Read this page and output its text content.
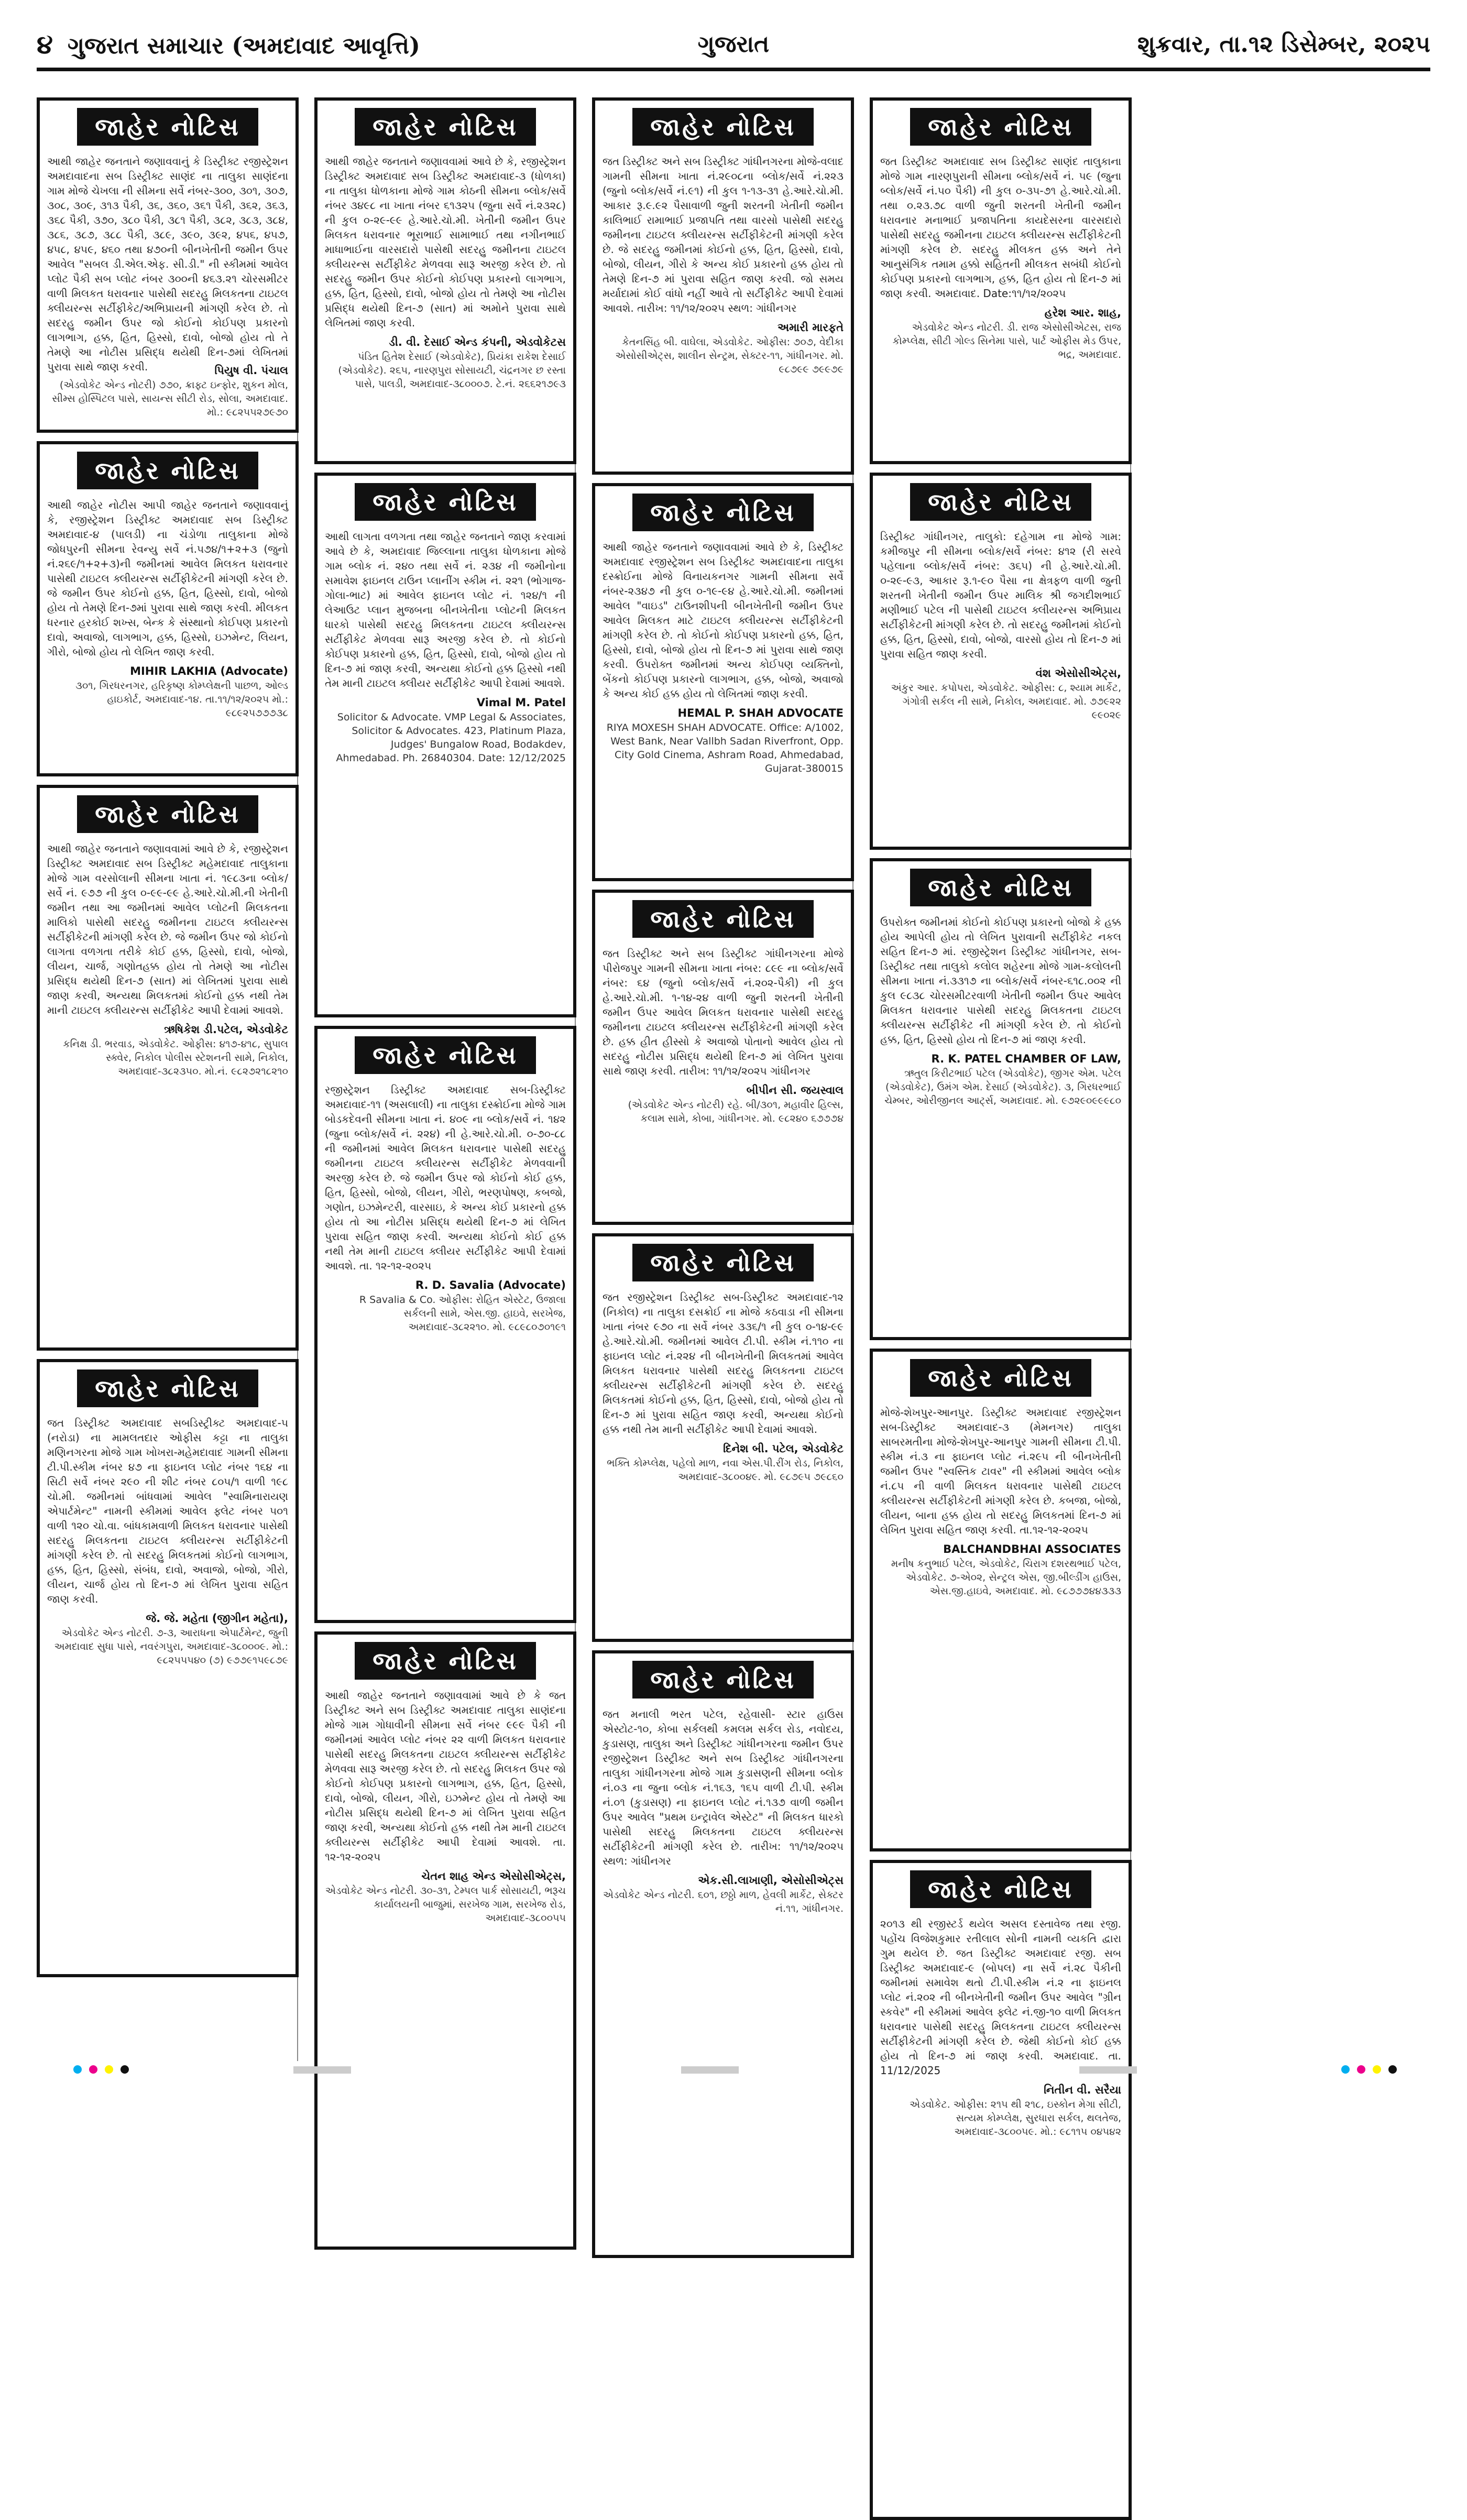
૪ ગુજરાત સમાચાર (અમદાવાદ આવૃત્તિ)	ગુજરાત	શુક્રવાર, તા.૧૨ ડિસેમ્બર, ૨૦૨૫
જાહેર નોટિસ
આથી જાહેર જનતાને જણાવવાનું કે ડિસ્ટ્રીક્ટ રજીસ્ટ્રેશન અમદાવાદના સબ ડિસ્ટ્રીક્ટ સાણંદ ના તાલુકા સાણંદના ગામ મોજે ચેખલા ની સીમના સર્વે નંબર-૩૦૦, ૩૦૧, ૩૦૭, ૩૦૮, ૩૦૯, ૩૧૩ પૈકી, ૩૬, ૩૬૦, ૩૬૧ પૈકી, ૩૬૨, ૩૬૩, ૩૬૮ પૈકી, ૩૭૦, ૩૮૦ પૈકી, ૩૮૧ પૈકી, ૩૮૨, ૩૮૩, ૩૮૪, ૩૮૬, ૩૮૭, ૩૮૮ પૈકી, ૩૮૯, ૩૯૦, ૩૯૨, ૪૫૬, ૪૫૭, ૪૫૮, ૪૫૯, ૪૬૦ તથા ૪૭૦ની બીનખેતીની જમીન ઉપર આવેલ "સબલ ડી.એલ.એફ. સી.ડી." ની સ્કીમમાં આવેલ પ્લોટ પૈકી સબ પ્લોટ નંબર ૩૦૦ની ૪૬૩.૨૧ ચોરસમીટર વાળી મિલકત ધરાવનાર પાસેથી સદરહુ મિલકતના ટાઇટલ ક્લીયરન્સ સર્ટીફીકેટ/અભિપ્રાયની માંગણી કરેલ છે. તો સદરહુ જમીન ઉપર જો કોઈનો કોઈપણ પ્રકારનો લાગભાગ, હક્ક, હિત, હિસ્સો, દાવો, બોજો હોય તો તે તેમણે આ નોટીસ પ્રસિદ્ધ થયેથી દિન-૭માં લેખિતમાં પુરાવા સાથે જાણ કરવી.	પિયુષ વી. પંચાલ
(એડવોકેટ એન્ડ નોટરી) ૭૭૦, ક્રાફ્ટ ઇન્ફોર, શુકન મોલ, સીમ્સ હોસ્પિટલ પાસે, સાયન્સ સીટી રોડ, સોલા, અમદાવાદ. મો.: ૯૮૨૫૫૨૭૯૭૦
જાહેર નોટિસ
આથી જાહેર નોટીસ આપી જાહેર જનતાને જણાવવાનું કે, રજીસ્ટ્રેશન ડિસ્ટ્રીક્ટ અમદાવાદ સબ ડિસ્ટ્રીક્ટ અમદાવાદ-૪ (પાલડી) ના ચંડોળા તાલુકાના મોજે જોધપુરની સીમના રેવન્યુ સર્વે નં.૫૭૪/૧+૨+૩ (જુનો નં.૨૬૯/૧+૨+૩)ની જમીનમાં આવેલ મિલકત ધરાવનાર પાસેથી ટાઇટલ ક્લીયરન્સ સર્ટીફીકેટની માંગણી કરેલ છે. જે જમીન ઉપર કોઈનો હક્ક, હિત, હિસ્સો, દાવો, બોજો હોય તો તેમણે દિન-૭માં પુરાવા સાથે જાણ કરવી. મીલકત ધરનાર હરકોઈ શખ્સ, બેન્ક કે સંસ્થાનો કોઈપણ પ્રકારનો દાવો, અવાજો, લાગભાગ, હક્ક, હિસ્સો, ઇઝમેન્ટ, લિયન, ગીરો, બોજો હોય તો લેખિત જાણ કરવી.
MIHIR LAKHIA (Advocate)
૩૦૧, ગિરધરનગર, હરિકૃષ્ણ કોમ્પ્લેક્ષની પાછળ, ઓલ્ડ હાઇકોર્ટ, અમદાવાદ-૧૪. તા.૧૧/૧૨/૨૦૨૫ મો.: ૯૮૯૨૫૭૭૭૩૮
જાહેર નોટિસ
આથી જાહેર જનતાને જણાવવામાં આવે છે કે, રજીસ્ટ્રેશન ડિસ્ટ્રીક્ટ અમદાવાદ સબ ડિસ્ટ્રીક્ટ મહેમદાવાદ તાલુકાના મોજે ગામ વરસોલાની સીમના ખાતા નં. ૧૯૮૩ના બ્લોક/સર્વે નં. ૯૭૭ ની કુલ ૦-૯૯-૯૯ હે.આરે.ચો.મી.ની ખેતીની જમીન તથા આ જમીનમાં આવેલ પ્લોટની મિલકતના માલિકો પાસેથી સદરહુ જમીનના ટાઇટલ ક્લીયરન્સ સર્ટીફીકેટની માંગણી કરેલ છે. જે જમીન ઉપર જો કોઈનો લાગતા વળગતા તરીકે કોઈ હક્ક, હિસ્સો, દાવો, બોજો, લીયન, ચાર્જ, ગણોતહક્ક હોય તો તેમણે આ નોટીસ પ્રસિદ્ધ થયેથી દિન-૭ (સાત) માં લેખિતમાં પુરાવા સાથે જાણ કરવી, અન્યથા મિલકતમાં કોઈનો હક્ક નથી તેમ માની ટાઇટલ ક્લીયરન્સ સર્ટીફીકેટ આપી દેવામાં આવશે.
ઋષિકેશ ડી.પટેલ, એડવોકેટ
કનિક્ષ ડી. ભરવાડ, એડવોકેટ. ઓફીસ: ૪૧૭-૪૧૮, સુપાલ સ્ક્વેર, નિકોલ પોલીસ સ્ટેશનની સામે, નિકોલ, અમદાવાદ-૩૮૨૩૫૦. મો.નં. ૯૮૨૭૨૧૮૨૧૦
જાહેર નોટિસ
જત ડિસ્ટ્રીક્ટ અમદાવાદ સબડિસ્ટ્રીક્ટ અમદાવાદ-૫ (નરોડા) ના મામલતદાર ઓફીસ કટ્ટા ના તાલુકા મણિનગરના મોજે ગામ ખોખરા-મહેમદાવાદ ગામની સીમના ટી.પી.સ્કીમ નંબર ૪૭ ના ફાઇનલ પ્લોટ નંબર ૧૬૪ ના સિટી સર્વે નંબર ૨૯૦ ની શીટ નંબર ૮૦૫/૧ વાળી ૧૯૮ ચો.મી. જમીનમાં બાંધવામાં આવેલ "સ્વામિનારાયણ એપાર્ટમેન્ટ" નામની સ્કીમમાં આવેલ ફ્લેટ નંબર ૫૦૧ વાળી ૧૨૦ ચો.વા. બાંધકામવાળી મિલકત ધરાવનાર પાસેથી સદરહુ મિલકતના ટાઇટલ ક્લીયરન્સ સર્ટીફીકેટની માંગણી કરેલ છે. તો સદરહુ મિલકતમાં કોઈનો લાગભાગ, હક્ક, હિત, હિસ્સો, સંબંધ, દાવો, અવાજો, બોજો, ગીરો, લીયન, ચાર્જ હોય તો દિન-૭ માં લેખિત પુરાવા સહિત જાણ કરવી.
જે. જે. મહેતા (જીગીન મહેતા),
એડવોકેટ એન્ડ નોટરી. ૭-૩, આરાધના એપાર્ટમેન્ટ, જુની અમદાવાદ સુધા પાસે, નવરંગપુરા, અમદાવાદ-૩૮૦૦૦૯. મો.: ૯૮૨૫૫૫૪૦ (૭) ૯૭૭૯૧૫૯૮૭૯
જાહેર નોટિસ
આથી જાહેર જનતાને જણાવવામાં આવે છે કે, રજીસ્ટ્રેશન ડિસ્ટ્રીક્ટ અમદાવાદ સબ ડિસ્ટ્રીક્ટ અમદાવાદ-૩ (ધોળકા) ના તાલુકા ધોળકાના મોજે ગામ કોઠની સીમના બ્લોક/સર્વે નંબર ૩૪૯૮ ના ખાતા નંબર ૬૧૩૨૫ (જુના સર્વે નં.૨૩૨૮) ની કુલ ૦-૨૯-૯૯ હે.આરે.ચો.મી. ખેતીની જમીન ઉપર મિલકત ધરાવનાર ભૂરાભાઈ સામાભાઈ તથા નગીનભાઈ માધાભાઈના વારસદારો પાસેથી સદરહુ જમીનના ટાઇટલ ક્લીયરન્સ સર્ટીફીકેટ મેળવવા સારૂ અરજી કરેલ છે. તો સદરહુ જમીન ઉપર કોઈનો કોઈપણ પ્રકારનો લાગભાગ, હક્ક, હિત, હિસ્સો, દાવો, બોજો હોય તો તેમણે આ નોટીસ પ્રસિદ્ધ થયેથી દિન-૭ (સાત) માં અમોને પુરાવા સાથે લેખિતમાં જાણ કરવી.
ડી. વી. દેસાઈ એન્ડ કંપની, એડવોકેટસ
પંડિત હિતેશ દેસાઈ (એડવોકેટ), પ્રિયંકા રાકેશ દેસાઈ (એડવોકેટ). ૨૬૫, નારણપુરા સોસાયટી, ચંદ્રનગર છ રસ્તા પાસે, પાલડી, અમદાવાદ-૩૮૦૦૦૭. ટે.નં. ૨૬૬૨૧૭૯૩
જાહેર નોટિસ
આથી લાગતા વળગતા તથા જાહેર જનતાને જાણ કરવામાં આવે છે કે, અમદાવાદ જિલ્લાના તાલુકા ધોળકાના મોજે ગામ બ્લોક નં. ૨૪૦ તથા સર્વે નં. ૨૩૪ ની જમીનોના સમાવેશ ફાઇનલ ટાઉન પ્લાનીંગ સ્કીમ નં. ૨૨૧ (ભોગાજ-ગોલા-ભાટ) માં આવેલ ફાઇનલ પ્લોટ નં. ૧૨૪/૧ ની લેઆઉટ પ્લાન મુજબના બીનખેતીના પ્લોટની મિલકત ધારકો પાસેથી સદરહુ મિલકતના ટાઇટલ ક્લીયરન્સ સર્ટીફીકેટ મેળવવા સારૂ અરજી કરેલ છે. તો કોઈનો કોઈપણ પ્રકારનો હક્ક, હિત, હિસ્સો, દાવો, બોજો હોય તો દિન-૭ માં જાણ કરવી, અન્યથા કોઈનો હક્ક હિસ્સો નથી તેમ માની ટાઇટલ ક્લીયર સર્ટીફીકેટ આપી દેવામાં આવશે.
Vimal M. Patel
Solicitor & Advocate. VMP Legal & Associates, Solicitor & Advocates. 423, Platinum Plaza, Judges' Bungalow Road, Bodakdev, Ahmedabad. Ph. 26840304. Date: 12/12/2025
જાહેર નોટિસ
રજીસ્ટ્રેશન ડિસ્ટ્રીક્ટ અમદાવાદ સબ-ડિસ્ટ્રીક્ટ અમદાવાદ-૧૧ (અસલાલી) ના તાલુકા દસ્ક્રોઈના મોજે ગામ બોડકદેવની સીમના ખાતા નં. ૪૦૯ ના બ્લોક/સર્વે નં. ૧૪૨ (જુના બ્લોક/સર્વે નં. ૨૨૪) ની હે.આરે.ચો.મી. ૦-૭૦-૮૮ ની જમીનમાં આવેલ મિલકત ધરાવનાર પાસેથી સદરહુ જમીનના ટાઇટલ ક્લીયરન્સ સર્ટીફીકેટ મેળવવાની અરજી કરેલ છે. જે જમીન ઉપર જો કોઈનો કોઈ હક્ક, હિત, હિસ્સો, બોજો, લીયન, ગીરો, ભરણપોષણ, કબજો, ગણોત, ઇઝમેન્ટરી, વારસાઇ, કે અન્ય કોઈ પ્રકારનો હક્ક હોય તો આ નોટીસ પ્રસિદ્ધ થયેથી દિન-૭ માં લેખિત પુરાવા સહિત જાણ કરવી. અન્યથા કોઈનો કોઈ હક્ક નથી તેમ માની ટાઇટલ ક્લીયર સર્ટીફીકેટ આપી દેવામાં આવશે. તા. ૧૨-૧૨-૨૦૨૫
R. D. Savalia (Advocate)
R Savalia & Co. ઓફીસ: રોહિત એસ્ટેટ, ઉજાલા સર્કલની સામે, એસ.જી. હાઇવે, સરખેજ, અમદાવાદ-૩૮૨૨૧૦. મો. ૯૮૯૮૦૭૦૧૯૧
જાહેર નોટિસ
આથી જાહેર જનતાને જણાવવામાં આવે છે કે જત ડિસ્ટ્રીક્ટ અને સબ ડિસ્ટ્રીક્ટ અમદાવાદ તાલુકા સાણંદના મોજે ગામ ગોધાવીની સીમના સર્વે નંબર ૯૯૯ પૈકી ની જમીનમાં આવેલ પ્લોટ નંબર ૨૨ વાળી મિલકત ધરાવનાર પાસેથી સદરહુ મિલકતના ટાઇટલ ક્લીયરન્સ સર્ટીફીકેટ મેળવવા સારૂ અરજી કરેલ છે. તો સદરહુ મિલકત ઉપર જો કોઈનો કોઈપણ પ્રકારનો લાગભાગ, હક્ક, હિત, હિસ્સો, દાવો, બોજો, લીયન, ગીરો, ઇઝમેન્ટ હોય તો તેમણે આ નોટીસ પ્રસિદ્ધ થયેથી દિન-૭ માં લેખિત પુરાવા સહિત જાણ કરવી, અન્યથા કોઈનો હક્ક નથી તેમ માની ટાઇટલ ક્લીયરન્સ સર્ટીફીકેટ આપી દેવામાં આવશે. તા. ૧૨-૧૨-૨૦૨૫
ચેતન શાહ એન્ડ એસોસીએટ્સ,
એડવોકેટ એન્ડ નોટરી. ૩૦-૩૧, ટેમ્પલ પાર્ક સોસાયટી, ભરૂચ કાર્યાલયની બાજુમાં, સરખેજ ગામ, સરખેજ રોડ, અમદાવાદ-૩૮૦૦૫૫
જાહેર નોટિસ
જત ડિસ્ટ્રીક્ટ અને સબ ડિસ્ટ્રીક્ટ ગાંધીનગરના મોજે-વલાદ ગામની સીમના ખાતા નં.૨૯૦૮ના બ્લોક/સર્વે નં.૨૨૩ (જુનો બ્લોક/સર્વે નં.૯૧) ની કુલ ૧-૧૩-૩૧ હે.આરે.ચો.મી. આકાર રૂ.૯.૯૨ પૈસાવાળી જુની શરતની ખેતીની જમીન કાલિભાઈ રામાભાઈ પ્રજાપતિ તથા વારસો પાસેથી સદરહુ જમીનના ટાઇટલ ક્લીયરન્સ સર્ટીફીકેટની માંગણી કરેલ છે. જે સદરહુ જમીનમાં કોઈનો હક્ક, હિત, હિસ્સો, દાવો, બોજો, લીયન, ગીરો કે અન્ય કોઈ પ્રકારનો હક્ક હોય તો તેમણે દિન-૭ માં પુરાવા સહિત જાણ કરવી. જો સમય મર્યાદામાં કોઈ વાંધો નહીં આવે તો સર્ટીફીકેટ આપી દેવામાં આવશે. તારીખ: ૧૧/૧૨/૨૦૨૫ સ્થળ: ગાંધીનગર
અમારી મારફતે
કેતનસિંહ બી. વાઘેલા, એડવોકેટ. ઓફીસ: ૭૦૭, વેદીકા એસોસીએટ્સ, શાલીન સેન્ટ્રમ, સેક્ટર-૧૧, ગાંધીનગર. મો. ૯૮૭૯૯ ૭૯૯૭૯
જાહેર નોટિસ
આથી જાહેર જનતાને જણાવવામાં આવે છે કે, ડિસ્ટ્રીક્ટ અમદાવાદ રજીસ્ટ્રેશન સબ ડિસ્ટ્રીક્ટ અમદાવાદના તાલુકા દસ્ક્રોઈના મોજે વિનાયકનગર ગામની સીમના સર્વે નંબર-૨૩૪૭ ની કુલ ૦-૧૯-૯૪ હે.આરે.ચો.મી. જમીનમાં આવેલ "વાઇડ" ટાઉનશીપની બીનખેતીની જમીન ઉપર આવેલ મિલકત માટે ટાઇટલ ક્લીયરન્સ સર્ટીફીકેટની માંગણી કરેલ છે. તો કોઈનો કોઈપણ પ્રકારનો હક્ક, હિત, હિસ્સો, દાવો, બોજો હોય તો દિન-૭ માં પુરાવા સાથે જાણ કરવી. ઉપરોક્ત જમીનમાં અન્ય કોઈપણ વ્યક્તિનો, બેંકનો કોઈપણ પ્રકારનો લાગભાગ, હક્ક, બોજો, અવાજો કે અન્ય કોઈ હક્ક હોય તો લેખિતમાં જાણ કરવી.
HEMAL P. SHAH ADVOCATE
RIYA MOXESH SHAH ADVOCATE. Office: A/1002, West Bank, Near Vallbh Sadan Riverfront, Opp. City Gold Cinema, Ashram Road, Ahmedabad, Gujarat-380015
જાહેર નોટિસ
જત ડિસ્ટ્રીક્ટ અને સબ ડિસ્ટ્રીક્ટ ગાંધીનગરના મોજે પીરોજપુર ગામની સીમના ખાતા નંબર: ૮૯૯ ના બ્લોક/સર્વે નંબર: ૬૪ (જુનો બ્લોક/સર્વે નં.૨૦૨-પૈકી) ની કુલ હે.આરે.ચો.મી. ૧-૧૪-૨૪ વાળી જુની શરતની ખેતીની જમીન ઉપર આવેલ મિલકત ધરાવનાર પાસેથી સદરહુ જમીનના ટાઇટલ ક્લીયરન્સ સર્ટીફીકેટની માંગણી કરેલ છે. હક્ક હીત હીસ્સો કે અવાજો પોતાનો આવેલ હોય તો સદરહુ નોટીસ પ્રસિદ્ધ થયેથી દિન-૭ માં લેખિત પુરાવા સાથે જાણ કરવી. તારીખ: ૧૧/૧૨/૨૦૨૫ ગાંધીનગર
બીપીન સી. જયસ્વાલ
(એડવોકેટ એન્ડ નોટરી) રહે. બી/૩૦૧, મહાવીર હિલ્સ, કલામ સામે, કોબા, ગાંધીનગર. મો. ૯૮૨૪૦ ૬૭૭૭૪
જાહેર નોટિસ
જત રજીસ્ટ્રેશન ડિસ્ટ્રીક્ટ સબ-ડિસ્ટ્રીક્ટ અમદાવાદ-૧૨ (નિકોલ) ના તાલુકા દસક્રોઈ ના મોજે કઠવાડા ની સીમના ખાતા નંબર ૯૭૦ ના સર્વે નંબર ૩૩૬/૧ ની કુલ ૦-૧૪-૯૯ હે.આરે.ચો.મી. જમીનમાં આવેલ ટી.પી. સ્કીમ નં.૧૧૦ ના ફાઇનલ પ્લોટ નં.૨૨૪ ની બીનખેતીની મિલકતમાં આવેલ મિલકત ધરાવનાર પાસેથી સદરહુ મિલકતના ટાઇટલ ક્લીયરન્સ સર્ટીફીકેટની માંગણી કરેલ છે. સદરહુ મિલકતમાં કોઈનો હક્ક, હિત, હિસ્સો, દાવો, બોજો હોય તો દિન-૭ માં પુરાવા સહિત જાણ કરવી, અન્યથા કોઈનો હક્ક નથી તેમ માની સર્ટીફીકેટ આપી દેવામાં આવશે.
દિનેશ બી. પટેલ, એડવોકેટ
ભક્તિ કોમ્પ્લેક્ષ, પહેલો માળ, નવા એસ.પી.રીંગ રોડ, નિકોલ, અમદાવાદ-૩૮૦૦૪૯. મો. ૯૮૭૯૫ ૭૯૮૬૦
જાહેર નોટિસ
જત મનાલી ભરત પટેલ, રહેવાસી- સ્ટાર હાઉસ એસ્ટોટ-૧૦, કોબા સર્કલથી કમલમ સર્કલ રોડ, નવોદય, કુડાસણ, તાલુકા અને ડિસ્ટ્રીક્ટ ગાંધીનગરના જમીન ઉપર રજીસ્ટ્રેશન ડિસ્ટ્રીક્ટ અને સબ ડિસ્ટ્રીક્ટ ગાંધીનગરના તાલુકા ગાંધીનગરના મોજે ગામ કુડાસણની સીમના બ્લોક નં.૦૩ ના જુના બ્લોક નં.૧૬૩, ૧૬૫ વાળી ટી.પી. સ્કીમ નં.૦૧ (કુડાસણ) ના ફાઇનલ પ્લોટ નં.૧૩૭ વાળી જમીન ઉપર આવેલ "પ્રથમ ઇન્ટ્રાવેલ એસ્ટેટ" ની મિલકત ધારકો પાસેથી સદરહુ મિલકતના ટાઇટલ ક્લીયરન્સ સર્ટીફીકેટની માંગણી કરેલ છે. તારીખ: ૧૧/૧૨/૨૦૨૫ સ્થળ: ગાંધીનગર
એક.સી.લાખાણી, એસોસીએટ્સ
એડવોકેટ એન્ડ નોટરી. ૬૦૧, છઠ્ઠો માળ, હેવલી માર્કેટ, સેક્ટર નં.૧૧, ગાંધીનગર.
જાહેર નોટિસ
જત ડિસ્ટ્રીક્ટ અમદાવાદ સબ ડિસ્ટ્રીક્ટ સાણંદ તાલુકાના મોજે ગામ નારણપુરાની સીમના બ્લોક/સર્વે નં. ૫૯ (જુના બ્લોક/સર્વે નં.૫૦ પૈકી) ની કુલ ૦-૩૫-૭૧ હે.આરે.ચો.મી. તથા ૦.૨૩.૭૮ વાળી જુની શરતની ખેતીની જમીન ધરાવનાર મનાભાઈ પ્રજાપતિના કાયદેસરના વારસદારો પાસેથી સદરહુ જમીનના ટાઇટલ ક્લીયરન્સ સર્ટીફીકેટની માંગણી કરેલ છે. સદરહુ મીલકત હક્ક અને તેને આનુસંગિક તમામ હક્કો સહિતની મીલકત સબંધી કોઈનો કોઈપણ પ્રકારનો લાગભાગ, હક્ક, હિત હોય તો દિન-૭ માં જાણ કરવી. અમદાવાદ. Date:૧૧/૧૨/૨૦૨૫
હરેશ આર. શાહ,
એડવોકેટ એન્ડ નોટરી. ડી. રાજ એસોસીએટસ, રાજ કોમ્પ્લેક્ષ, સીટી ગોલ્ડ સિનેમા પાસે, પાર્ટ ઓફીસ મેડ ઉપર, ભદ્ર, અમદાવાદ.
જાહેર નોટિસ
ડિસ્ટ્રીક્ટ ગાંધીનગર, તાલુકો: દહેગામ ના મોજે ગામ: કમીજપુર ની સીમના બ્લોક/સર્વે નંબર: ૪૧૨ (રી સરવે પહેલાના બ્લોક/સર્વે નંબર: ૩૬૫) ની હે.આરે.ચો.મી. ૦-૨૯-૯૩, આકાર રૂ.૧-૯૦ પૈસા ના ક્ષેત્રફળ વાળી જુની શરતની ખેતીની જમીન ઉપર માલિક શ્રી જગદીશભાઈ મણીભાઈ પટેલ ની પાસેથી ટાઇટલ ક્લીયરન્સ અભિપ્રાય સર્ટીફીકેટની માંગણી કરેલ છે. તો સદરહુ જમીનમાં કોઈનો હક્ક, હિત, હિસ્સો, દાવો, બોજો, વારસો હોય તો દિન-૭ માં પુરાવા સહિત જાણ કરવી.
વંશ એસોસીએટ્સ,
અંકુર આર. કપોપરા, એડવોકેટ. ઓફીસ: ૮, શ્યામ માર્કેટ, ગંગોત્રી સર્કલ ની સામે, નિકોલ, અમદાવાદ. મો. ૭૭૯૨૨ ૯૯૦૨૯
જાહેર નોટિસ
ઉપરોક્ત જમીનમાં કોઈનો કોઈપણ પ્રકારનો બોજો કે હક્ક હોય આપેલી હોય તો લેખિત પુરાવાની સર્ટીફીકેટ નકલ સહિત દિન-૭ માં. રજીસ્ટ્રેશન ડિસ્ટ્રીક્ટ ગાંધીનગર, સબ-ડિસ્ટ્રીક્ટ તથા તાલુકો કલોલ શહેરના મોજે ગામ-કલોલની સીમના ખાતા નં.૩૩૧૭ ના બ્લોક/સર્વે નંબર-૬૧૮.૦૦૨ ની કુલ ૯૮૩૮ ચોરસમીટરવાળી ખેતીની જમીન ઉપર આવેલ મિલકત ધરાવનાર પાસેથી સદરહુ મિલકતના ટાઇટલ ક્લીયરન્સ સર્ટીફીકેટ ની માંગણી કરેલ છે. તો કોઈનો હક્ક, હિત, હિસ્સો હોય તો દિન-૭ માં જાણ કરવી.
R. K. PATEL CHAMBER OF LAW,
ઋતુલ કિરીટભાઈ પટેલ (એડવોકેટ), જીગર એમ. પટેલ (એડવોકેટ), ઉમંગ એમ. દેસાઈ (એડવોકેટ). ૩, ગિરધરભાઈ ચેમ્બર, ઓરીજીનલ આર્ટ્સ, અમદાવાદ. મો. ૯૭૨૯૦૯૯૯૮૦
જાહેર નોટિસ
મોજે-શેખપુર-આનપુર. ડિસ્ટ્રીક્ટ અમદાવાદ રજીસ્ટ્રેશન સબ-ડિસ્ટ્રીક્ટ અમદાવાદ-૩ (મેમનગર) તાલુકા સાબરમતીના મોજે-શેખપુર-આનપુર ગામની સીમના ટી.પી. સ્કીમ નં.૩ ના ફાઇનલ પ્લોટ નં.૨૯૫ ની બીનખેતીની જમીન ઉપર "સ્વસ્તિક ટાવર" ની સ્કીમમાં આવેલ બ્લોક નં.૮૫ ની વાળી મિલકત ધરાવનાર પાસેથી ટાઇટલ ક્લીયરન્સ સર્ટીફીકેટની માંગણી કરેલ છે. કબજા, બોજો, લીયન, બાના હક્ક હોય તો સદરહુ મિલકતમાં દિન-૭ માં લેખિત પુરાવા સહિત જાણ કરવી. તા.૧૨-૧૨-૨૦૨૫
BALCHANDBHAI ASSOCIATES
મનીષ કનુભાઈ પટેલ, એડવોકેટ, ચિરાગ દશરથભાઈ પટેલ, એડવોકેટ. ૭-એ૦૨, સેન્ટ્રલ એસ, જી.બીલ્ડીંગ હાઉસ, એસ.જી.હાઇવે, અમદાવાદ. મો. ૯૮૭૭૭૪૪૩૩૩
જાહેર નોટિસ
૨૦૧૩ થી રજીસ્ટર્ડ થયેલ અસલ દસ્તાવેજ તથા રજી. પહોંચ વિજેશકુમાર રતીલાલ સોની નામની વ્યકતિ દ્વારા ગુમ થયેલ છે. જત ડિસ્ટ્રીક્ટ અમદાવાદ રજી. સબ ડિસ્ટ્રીક્ટ અમદાવાદ-૯ (બોપલ) ના સર્વે નં.૨૮ પૈકીની જમીનમાં સમાવેશ થતો ટી.પી.સ્કીમ નં.૨ ના ફાઇનલ પ્લોટ નં.૨૦૨ ની બીનખેતીની જમીન ઉપર આવેલ "ગ્રીન સ્કવેર" ની સ્કીમમાં આવેલ ફ્લેટ નં.જી-૧૦ વાળી મિલકત ધરાવનાર પાસેથી સદરહુ મિલકતના ટાઇટલ ક્લીયરન્સ સર્ટીફીકેટની માંગણી કરેલ છે. જેથી કોઈનો કોઈ હક્ક હોય તો દિન-૭ માં જાણ કરવી. અમદાવાદ. તા. 11/12/2025
નિતીન વી. સરૈયા
એડવોકેટ. ઓફીસ: ૨૧૫ થી ૨૧૮, ઇસ્કોન મેગા સીટી, સત્યમ કોમ્પ્લેક્ષ, સુરધારા સર્કલ, થલતેજ, અમદાવાદ-૩૮૦૦૫૯. મો.: ૯૮૧૧૫ ૦૪૫૪૨
